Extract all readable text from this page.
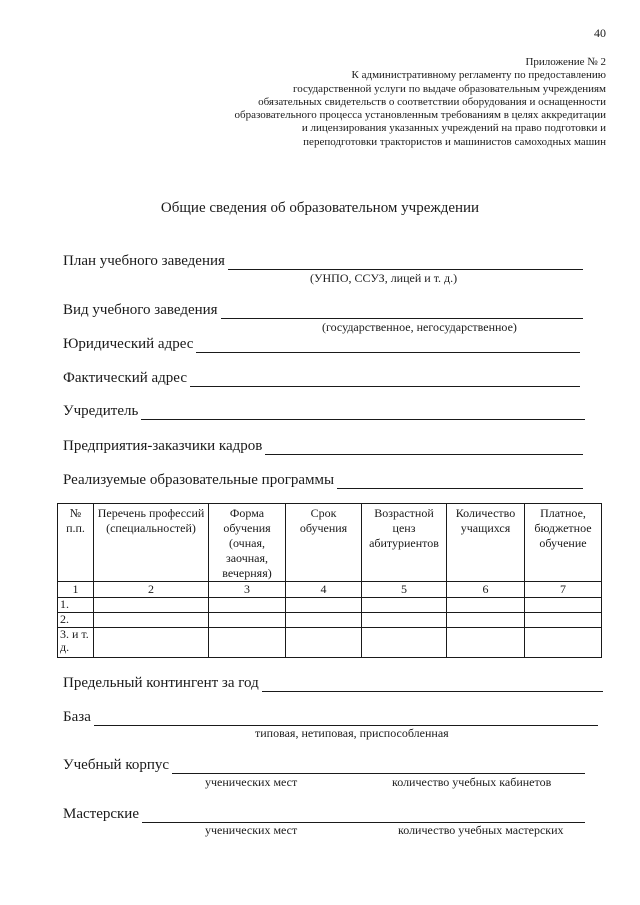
40
Приложение № 2
К административному регламенту по предоставлению
государственной услуги по выдаче образовательным учреждениям
обязательных свидетельств о соответствии оборудования и оснащенности
образовательного процесса установленным требованиям в целях аккредитации
и лицензирования указанных учреждений на право подготовки и
переподготовки трактористов и машинистов самоходных машин
Общие сведения об образовательном учреждении
План учебного заведения
(УНПО, ССУЗ, лицей и т. д.)
Вид учебного заведения
(государственное, негосударственное)
Юридический адрес
Фактический адрес
Учредитель
Предприятия-заказчики кадров
Реализуемые образовательные программы
№ п.п.	Перечень профессий (специальностей)	Форма обучения (очная, заочная, вечерняя)	Срок обучения	Возрастной ценз абитуриентов	Количество учащихся	Платное, бюджетное обучение
1	2	3	4	5	6	7
1.						
2.						
3. и т. д.						
Предельный контингент за год
База
типовая, нетиповая, приспособленная
Учебный корпус
ученических мест	количество учебных кабинетов
Мастерские
ученических мест	количество учебных мастерских
